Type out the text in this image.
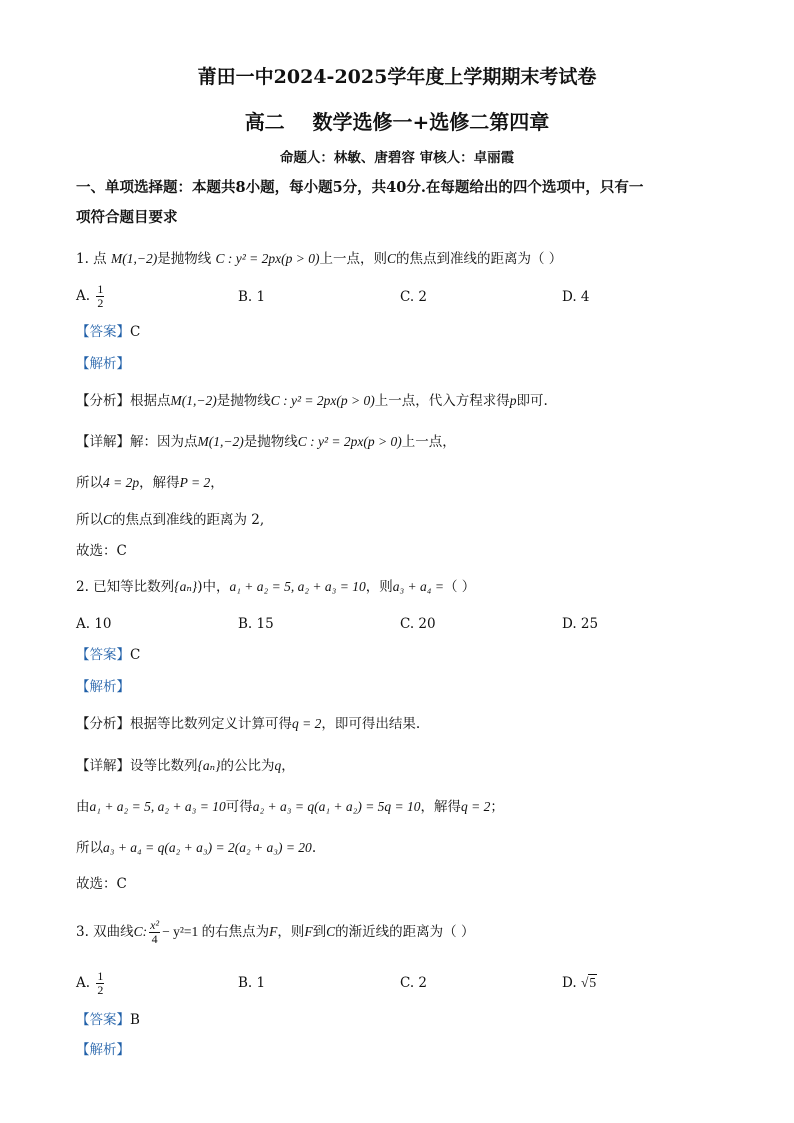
莆田一中2024-2025学年度上学期期末考试卷
高二    数学选修一+选修二第四章
命题人：林敏、唐碧容 审核人：卓丽霞
一、单项选择题：本题共8小题，每小题5分，共40分.在每题给出的四个选项中，只有一
项符合题目要求
1. 点 M(1,−2)是抛物线 C : y² = 2px(p > 0)上一点，则C的焦点到准线的距离为（ ）
A. $\frac{1}{2}$	B. 1	C. 2	D. 4
【答案】C
【解析】
【分析】根据点M(1,−2)是抛物线C : y² = 2px(p > 0)上一点，代入方程求得p即可.
【详解】解：因为点M(1,−2)是抛物线C : y² = 2px(p > 0)上一点，
所以4 = 2p，解得P = 2，
所以C的焦点到准线的距离为 2,
故选：C
2. 已知等比数列{aₙ})中，a₁ + a₂ = 5, a₂ + a₃ = 10，则a₃ + a₄ =（ ）
A. 10	B. 15	C. 20	D. 25
【答案】C
【解析】
【分析】根据等比数列定义计算可得q = 2，即可得出结果.
【详解】设等比数列{aₙ}的公比为q，
由a₁ + a₂ = 5, a₂ + a₃ = 10可得a₂ + a₃ = q(a₁ + a₂) = 5q = 10，解得q = 2；
所以a₃ + a₄ = q(a₂ + a₃) = 2(a₂ + a₃) = 20.
故选：C
3. 双曲线C: $\frac{\text{x²}}{4} - y^2=1$ 的右焦点为F，则F到C的渐近线的距离为（ ）
A. $\frac{1}{2}$	B. 1	C. 2	D. √5
【答案】B
【解析】
